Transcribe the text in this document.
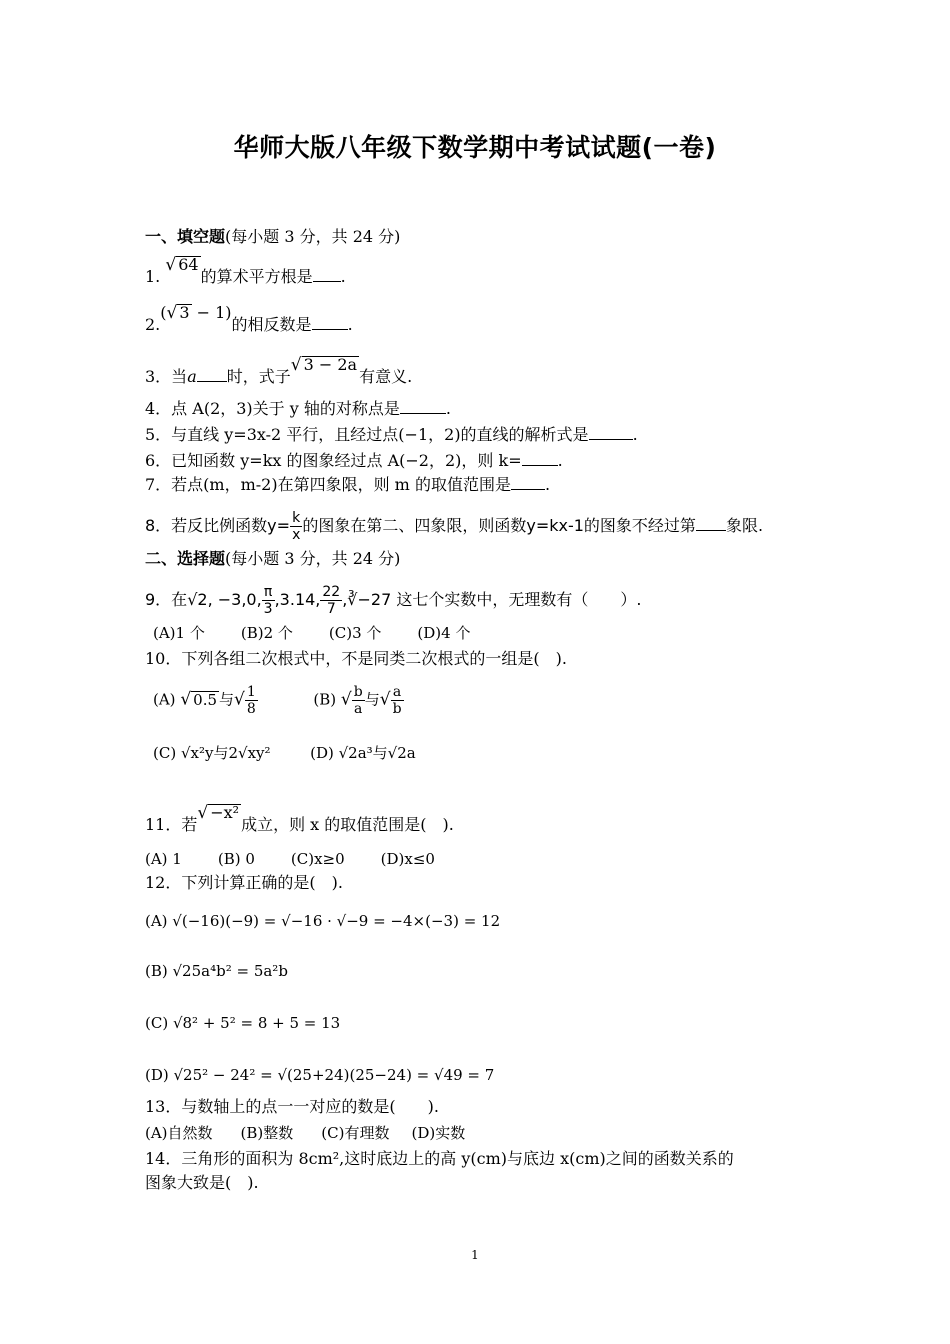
华师大版八年级下数学期中考试试题(一卷)
一、填空题(每小题 3 分，共 24 分)
1. √ 64的算术平方根是 .
2.(√ 3 − 1)的相反数是 .
3．当a 时，式子√ 3 − 2a有意义.
4．点 A(2，3)关于 y 轴的对称点是	.
5．与直线 y=3x-2 平行，且经过点(−1，2)的直线的解析式是	.
6．已知函数 y=kx 的图象经过点 A(−2，2)，则 k= .
7．若点(m，m-2)在第四象限，则 m 的取值范围是 .
8．若反比例函数$y= \frac{k}{x}$ 的图象在第二、四象限，则函数y=kx-1的图象不经过第 象限.
二、选择题(每小题 3 分，共 24 分)
9．在√2, −3,0, $\frac{\pi}{3} ,3.14$, $\frac{22}{7}$ ,∛−27 这七个实数中，无理数有（　　）.
(A)1 个 (B)2 个 (C)3 个 (D)4 个
10．下列各组二次根式中，不是同类二次根式的一组是(　).
(A) √ 0.5 与√ $\frac{1}{8}$	(B) √ $\frac{b}{a}$ 与√ $\frac{a}{b}$
(C) √x²y与2√xy²	(D) √2a³与√2a
11．若√ −x²成立，则 x 的取值范围是(　).
(A) 1 (B) 0 (C)x≥0 (D)x≤0
12．下列计算正确的是(　).
(A) √(−16)(−9) = √−16 · √−9 = −4×(−3) = 12
(B) √25a⁴b² = 5a²b
(C) √8² + 5² = 8 + 5 = 13
(D) √25² − 24² = √(25+24)(25−24) = √49 = 7
13．与数轴上的点一一对应的数是(　　).
(A)自然数 (B)整数 (C)有理数 (D)实数
14．三角形的面积为 8cm²,这时底边上的高 y(cm)与底边 x(cm)之间的函数关系的
图象大致是(　).
1
